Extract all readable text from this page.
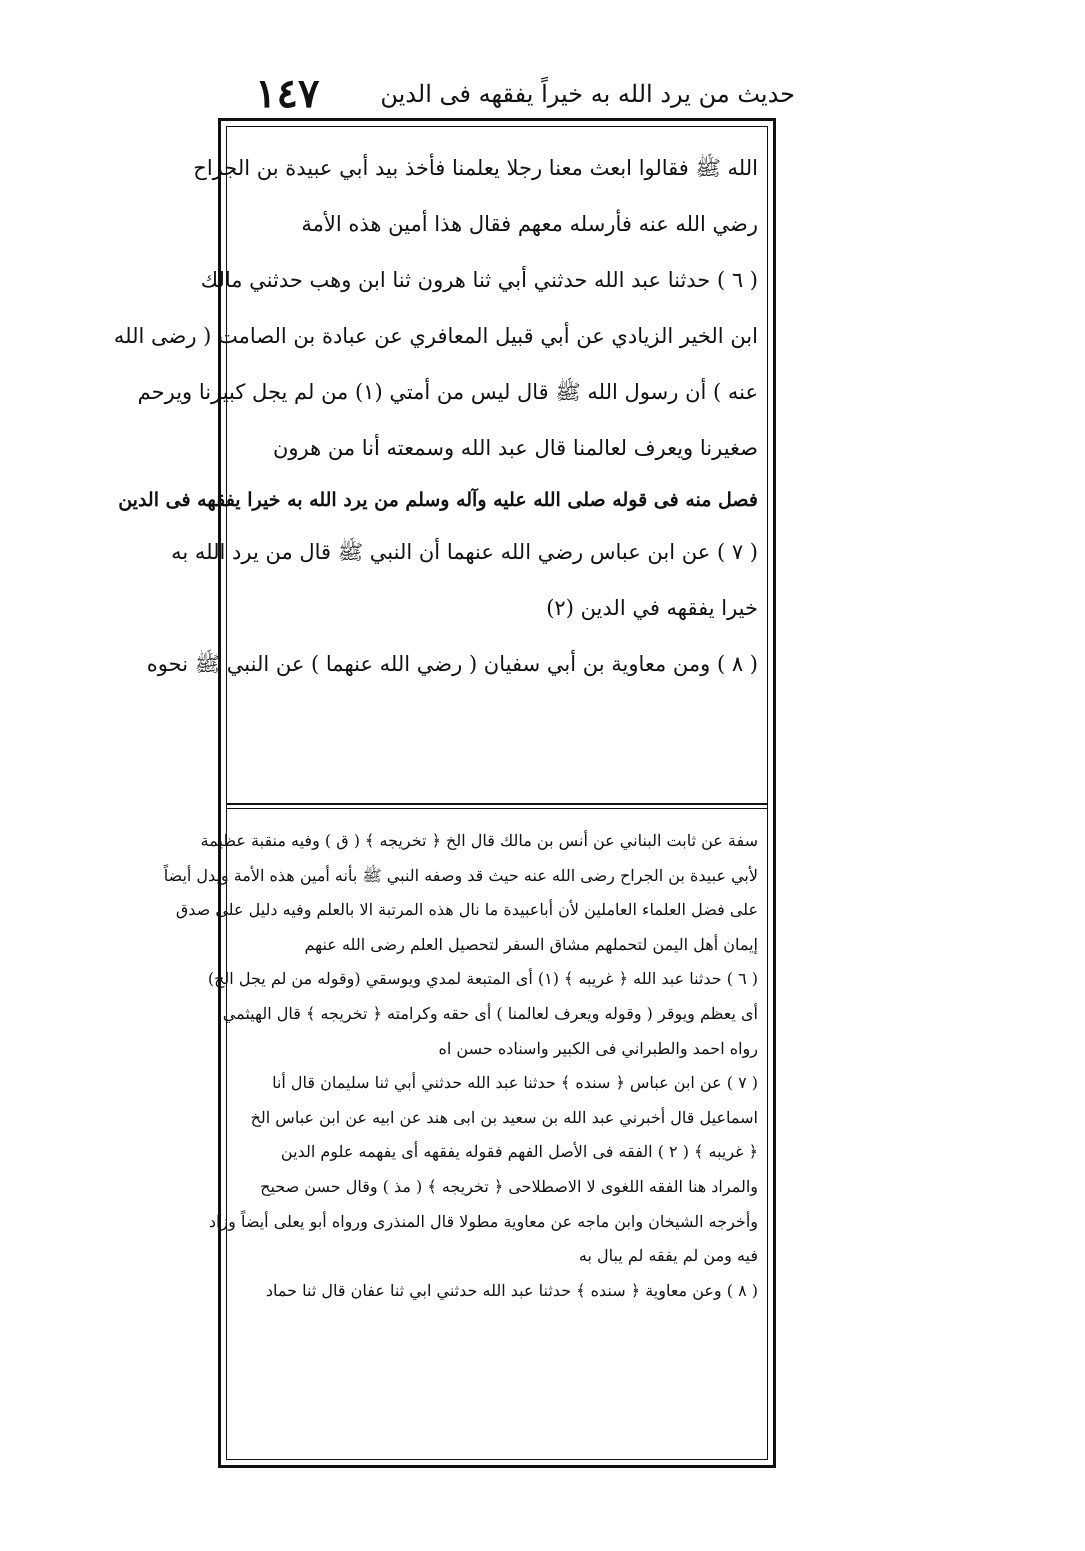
١٤٧	حديث من يرد الله به خيراً يفقهه فى الدين
الله ﷺ فقالوا ابعث معنا رجلا يعلمنا فأخذ بيد أبي عبيدة بن الجراح
رضي الله عنه فأرسله معهم فقال هذا أمين هذه الأمة
( ٦ ) حدثنا عبد الله حدثني أبي ثنا هرون ثنا ابن وهب حدثني مالك
ابن الخير الزيادي عن أبي قبيل المعافري عن عبادة بن الصامت ( رضى الله
عنه ) أن رسول الله ﷺ قال ليس من أمتي (١) من لم يجل كبيرنا ويرحم
صغيرنا ويعرف لعالمنا قال عبد الله وسمعته أنا من هرون
فصل منه فى قوله صلى الله عليه وآله وسلم من يرد الله به خيرا يفقهه فى الدين
( ٧ ) عن ابن عباس رضي الله عنهما أن النبي ﷺ قال من يرد الله به
خيرا يفقهه في الدين (٢)
( ٨ ) ومن معاوية بن أبي سفيان ( رضي الله عنهما ) عن النبي ﷺ نحوه
سفة عن ثابت البناني عن أنس بن مالك قال الخ ﴿ تخريجه ﴾ ( ق ) وفيه منقبة عظيمة
لأبي عبيدة بن الجراح رضى الله عنه حيث قد وصفه النبي ﷺ بأنه أمين هذه الأمة ويدل أيضاً
على فضل العلماء العاملين لأن أباعبيدة ما نال هذه المرتبة الا بالعلم وفيه دليل على صدق
إيمان أهل اليمن لتحملهم مشاق السفر لتحصيل العلم رضى الله عنهم
( ٦ ) حدثنا عبد الله ﴿ غريبه ﴾ (١) أى المتبعة لمدي ويوسقي (وقوله من لم يجل الخ)
أى يعظم ويوقر ( وقوله ويعرف لعالمنا ) أى حقه وكرامته ﴿ تخريجه ﴾ قال الهيثمي
رواه احمد والطبراني فى الكبير واسناده حسن اه
( ٧ ) عن ابن عباس ﴿ سنده ﴾ حدثنا عبد الله حدثني أبي ثنا سليمان قال أنا
اسماعيل قال أخبرني عبد الله بن سعيد بن ابى هند عن ابيه عن ابن عباس الخ
﴿ غريبه ﴾ ( ٢ ) الفقه فى الأصل الفهم فقوله يفقهه أى يفهمه علوم الدين
والمراد هنا الفقه اللغوى لا الاصطلاحى ﴿ تخريجه ﴾ ( مذ ) وقال حسن صحيح
وأخرجه الشيخان وابن ماجه عن معاوية مطولا قال المنذرى ورواه أبو يعلى أيضاً وزاد
فيه ومن لم يفقه لم يبال به
( ٨ ) وعن معاوية ﴿ سنده ﴾ حدثنا عبد الله حدثني ابي ثنا عفان قال ثنا حماد
